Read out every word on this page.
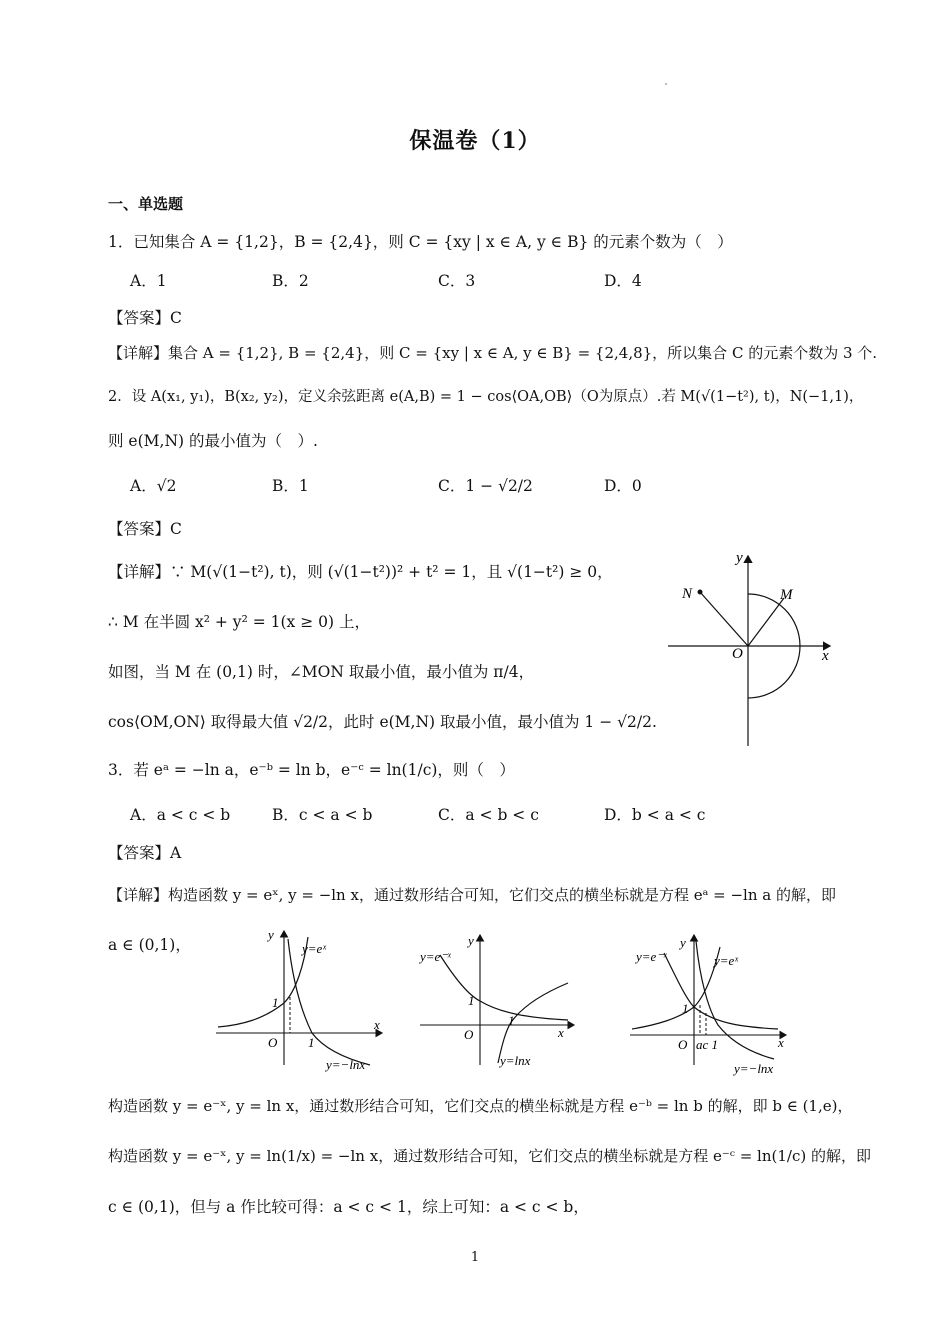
保温卷（1）
一、单选题
1．已知集合 A = {1,2}，B = {2,4}，则 C = {xy | x ∈ A, y ∈ B} 的元素个数为（　）
A．1	B．2	C．3	D．4
【答案】C
【详解】集合 A = {1,2}, B = {2,4}，则 C = {xy | x ∈ A, y ∈ B} = {2,4,8}，所以集合 C 的元素个数为 3 个.
2．设 A(x₁, y₁)，B(x₂, y₂)，定义余弦距离 e(A,B) = 1 − cos⟨OA,OB⟩（O为原点）.若 M(√(1−t²), t)，N(−1,1)，
则 e(M,N) 的最小值为（　）.
A．√2	B．1	C．1 − √2/2	D．0
【答案】C
【详解】∵ M(√(1−t²), t)，则 (√(1−t²))² + t² = 1，且 √(1−t²) ≥ 0，
∴ M 在半圆 x² + y² = 1(x ≥ 0) 上，
如图，当 M 在 (0,1) 时，∠MON 取最小值，最小值为 π/4，
cos⟨OM,ON⟩ 取得最大值 √2/2，此时 e(M,N) 取最小值，最小值为 1 − √2/2.
y
x
N	M
O
3．若 eᵃ = −ln a，e⁻ᵇ = ln b，e⁻ᶜ = ln(1/c)，则（　）
A．a < c < b	B．c < a < b	C．a < b < c	D．b < a < c
【答案】A
【详解】构造函数 y = eˣ, y = −ln x，通过数形结合可知，它们交点的横坐标就是方程 eᵃ = −ln a 的解，即
a ∈ (0,1)，
y
y=eˣ
1
O 1
x
y=−lnx
y=e⁻ˣ
y
1
O
1
x
y=lnx
y=e⁻ˣ
y
y=eˣ
1
O ac 1	x
y=−lnx
构造函数 y = e⁻ˣ, y = ln x，通过数形结合可知，它们交点的横坐标就是方程 e⁻ᵇ = ln b 的解，即 b ∈ (1,e)，
构造函数 y = e⁻ˣ, y = ln(1/x) = −ln x，通过数形结合可知，它们交点的横坐标就是方程 e⁻ᶜ = ln(1/c) 的解，即
c ∈ (0,1)，但与 a 作比较可得：a < c < 1，综上可知：a < c < b，
1
